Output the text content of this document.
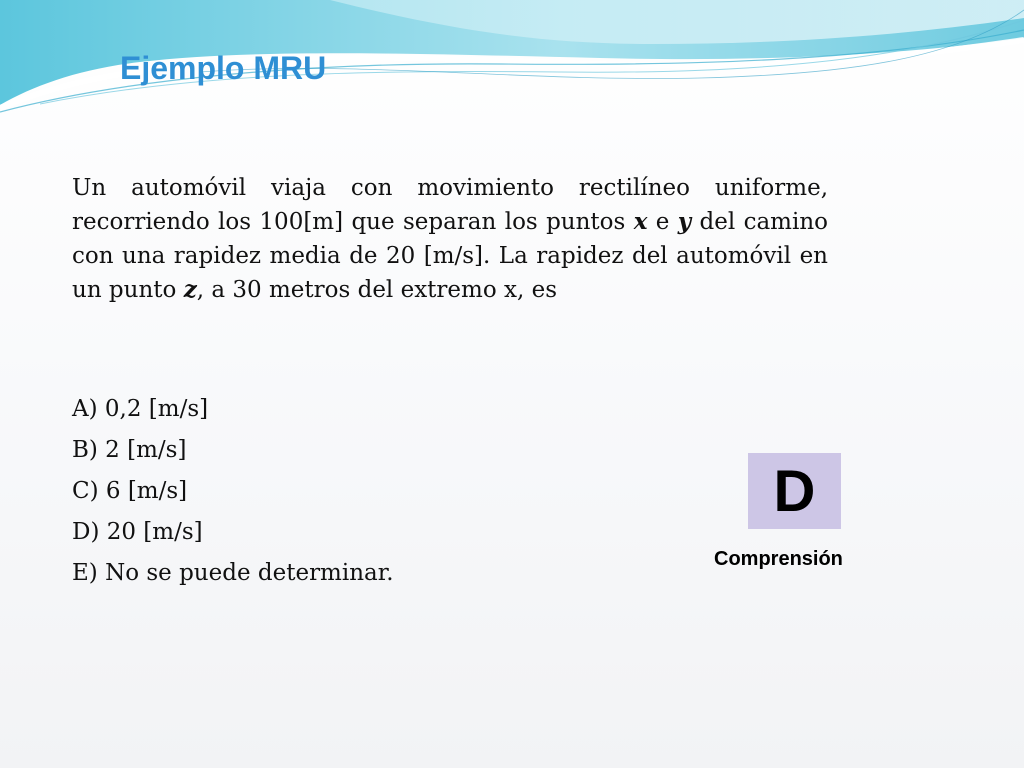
Ejemplo MRU

Un automóvil viaja con movimiento rectilíneo uniforme, recorriendo los 100[m] que separan los puntos x e y del camino con una rapidez media de 20 [m/s]. La rapidez del automóvil en un punto z, a 30 metros del extremo x, es

A) 0,2 [m/s]
B) 2 [m/s]
C) 6 [m/s]
D) 20 [m/s]
E) No se puede determinar.
D
Comprensión
